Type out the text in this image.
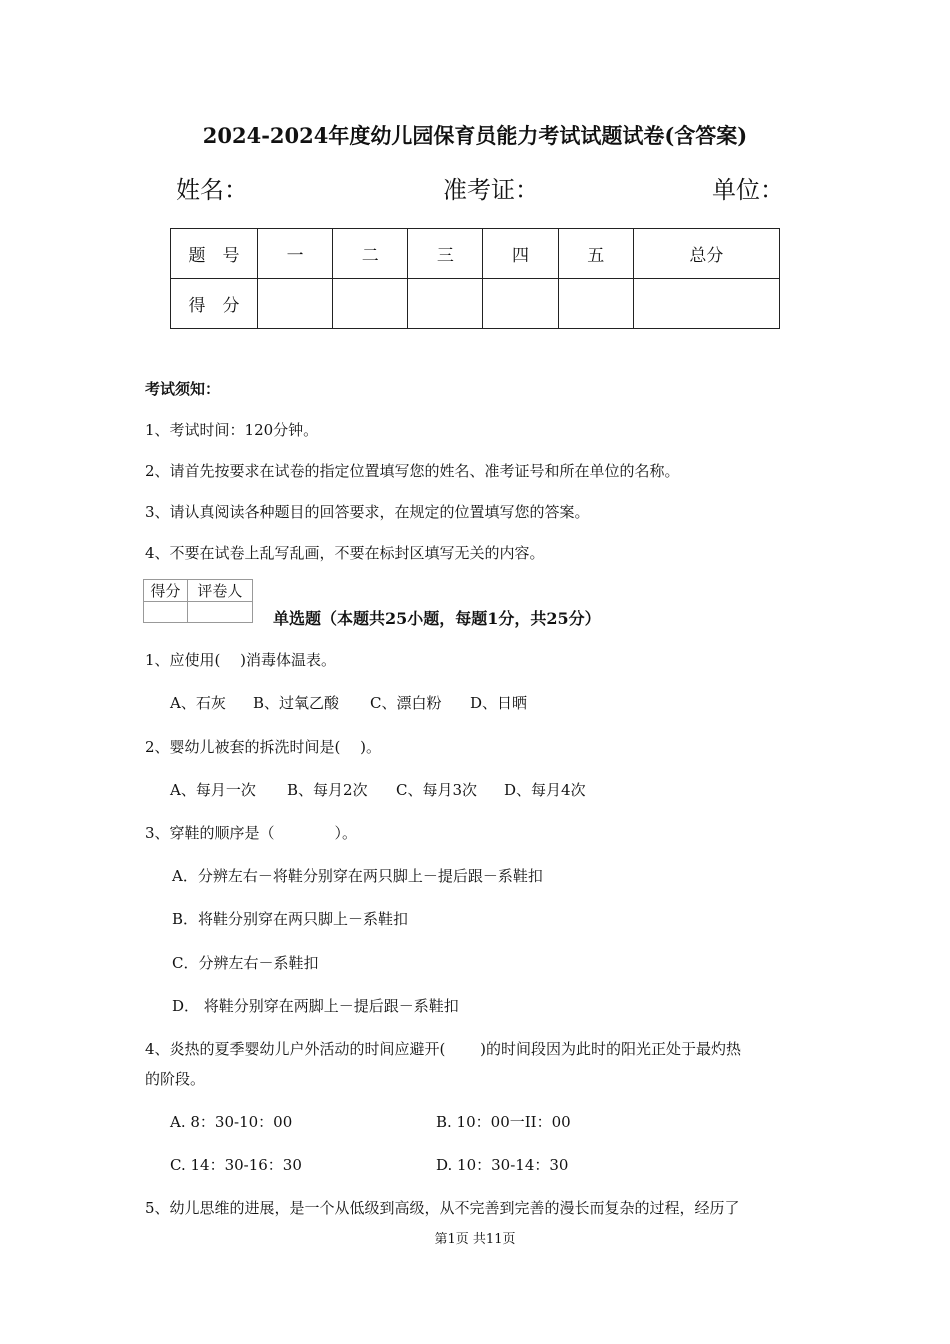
2024-2024年度幼儿园保育员能力考试试题试卷(含答案)
姓名：	准考证：	单位：
题　号	一	二	三	四	五	总分
得　分						
考试须知：
1、考试时间：120分钟。
2、请首先按要求在试卷的指定位置填写您的姓名、准考证号和所在单位的名称。
3、请认真阅读各种题目的回答要求，在规定的位置填写您的答案。
4、不要在试卷上乱写乱画，不要在标封区填写无关的内容。
得分	评卷人

单选题（本题共25小题，每题1分，共25分）
1、应使用(　 )消毒体温表。
A、石灰 B、过氧乙酸 C、漂白粉 D、日晒
2、婴幼儿被套的拆洗时间是(　 )。
A、每月一次 B、每月2次 C、每月3次 D、每月4次
3、穿鞋的顺序是（　　　　）。
A．分辨左右－将鞋分别穿在两只脚上－提后跟－系鞋扣
B．将鞋分别穿在两只脚上－系鞋扣
C．分辨左右－系鞋扣
D． 将鞋分别穿在两脚上－提后跟－系鞋扣
4、炎热的夏季婴幼儿户外活动的时间应避开(　　 )的时间段因为此时的阳光正处于最灼热
的阶段。
A. 8：30-10：00	B. 10：00一II：00
C. 14：30-16：30	D. 10：30-14：30
5、幼儿思维的进展，是一个从低级到高级，从不完善到完善的漫长而复杂的过程，经历了
第1页 共11页
